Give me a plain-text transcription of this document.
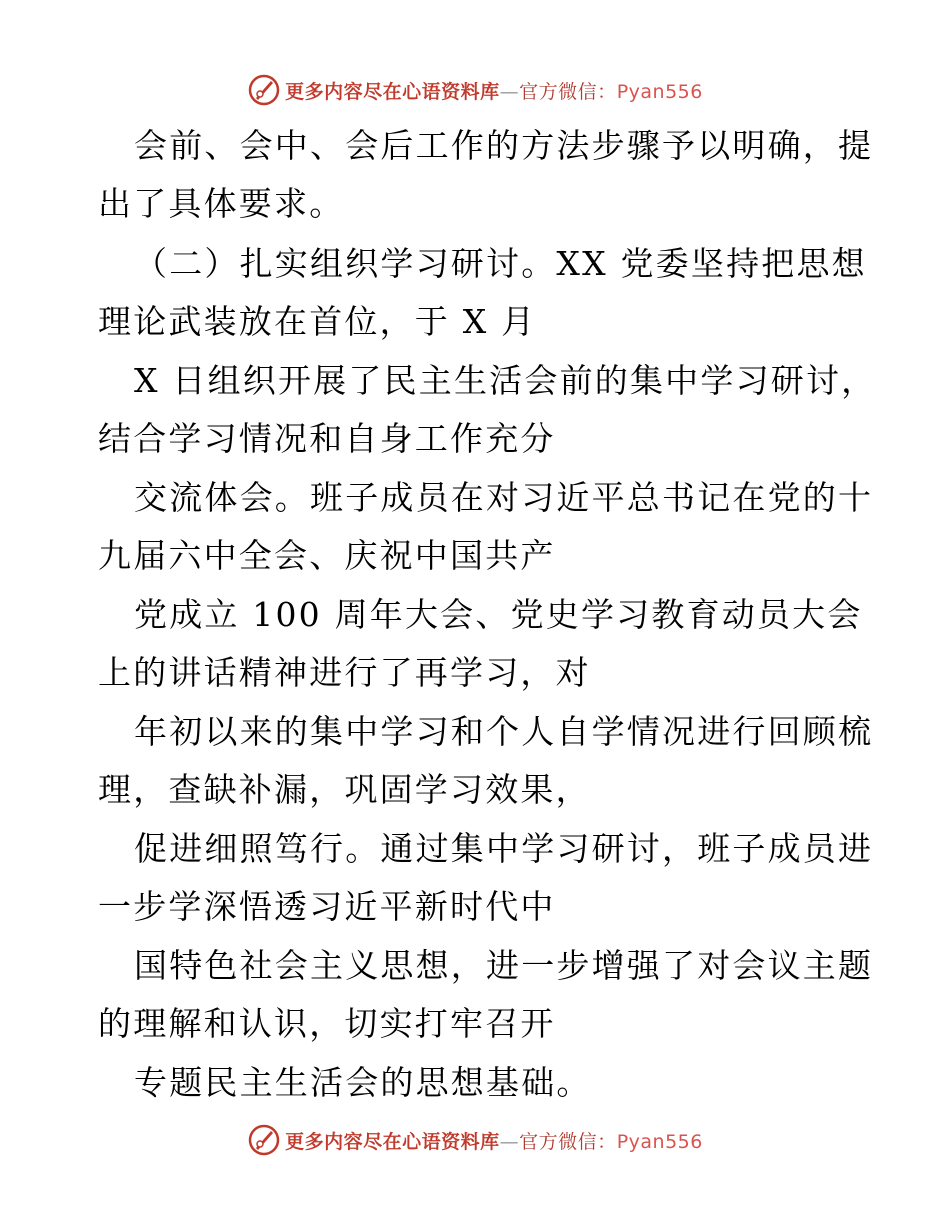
更多内容尽在心语资料库—官方微信：Pyan556
会前、会中、会后工作的方法步骤予以明确，提
出了具体要求。
（二）扎实组织学习研讨。XX 党委坚持把思想
理论武装放在首位，于 X 月
X 日组织开展了民主生活会前的集中学习研讨，
结合学习情况和自身工作充分
交流体会。班子成员在对习近平总书记在党的十
九届六中全会、庆祝中国共产
党成立 100 周年大会、党史学习教育动员大会
上的讲话精神进行了再学习，对
年初以来的集中学习和个人自学情况进行回顾梳
理，查缺补漏，巩固学习效果，
促进细照笃行。通过集中学习研讨，班子成员进
一步学深悟透习近平新时代中
国特色社会主义思想，进一步增强了对会议主题
的理解和认识，切实打牢召开
专题民主生活会的思想基础。
更多内容尽在心语资料库—官方微信：Pyan556
